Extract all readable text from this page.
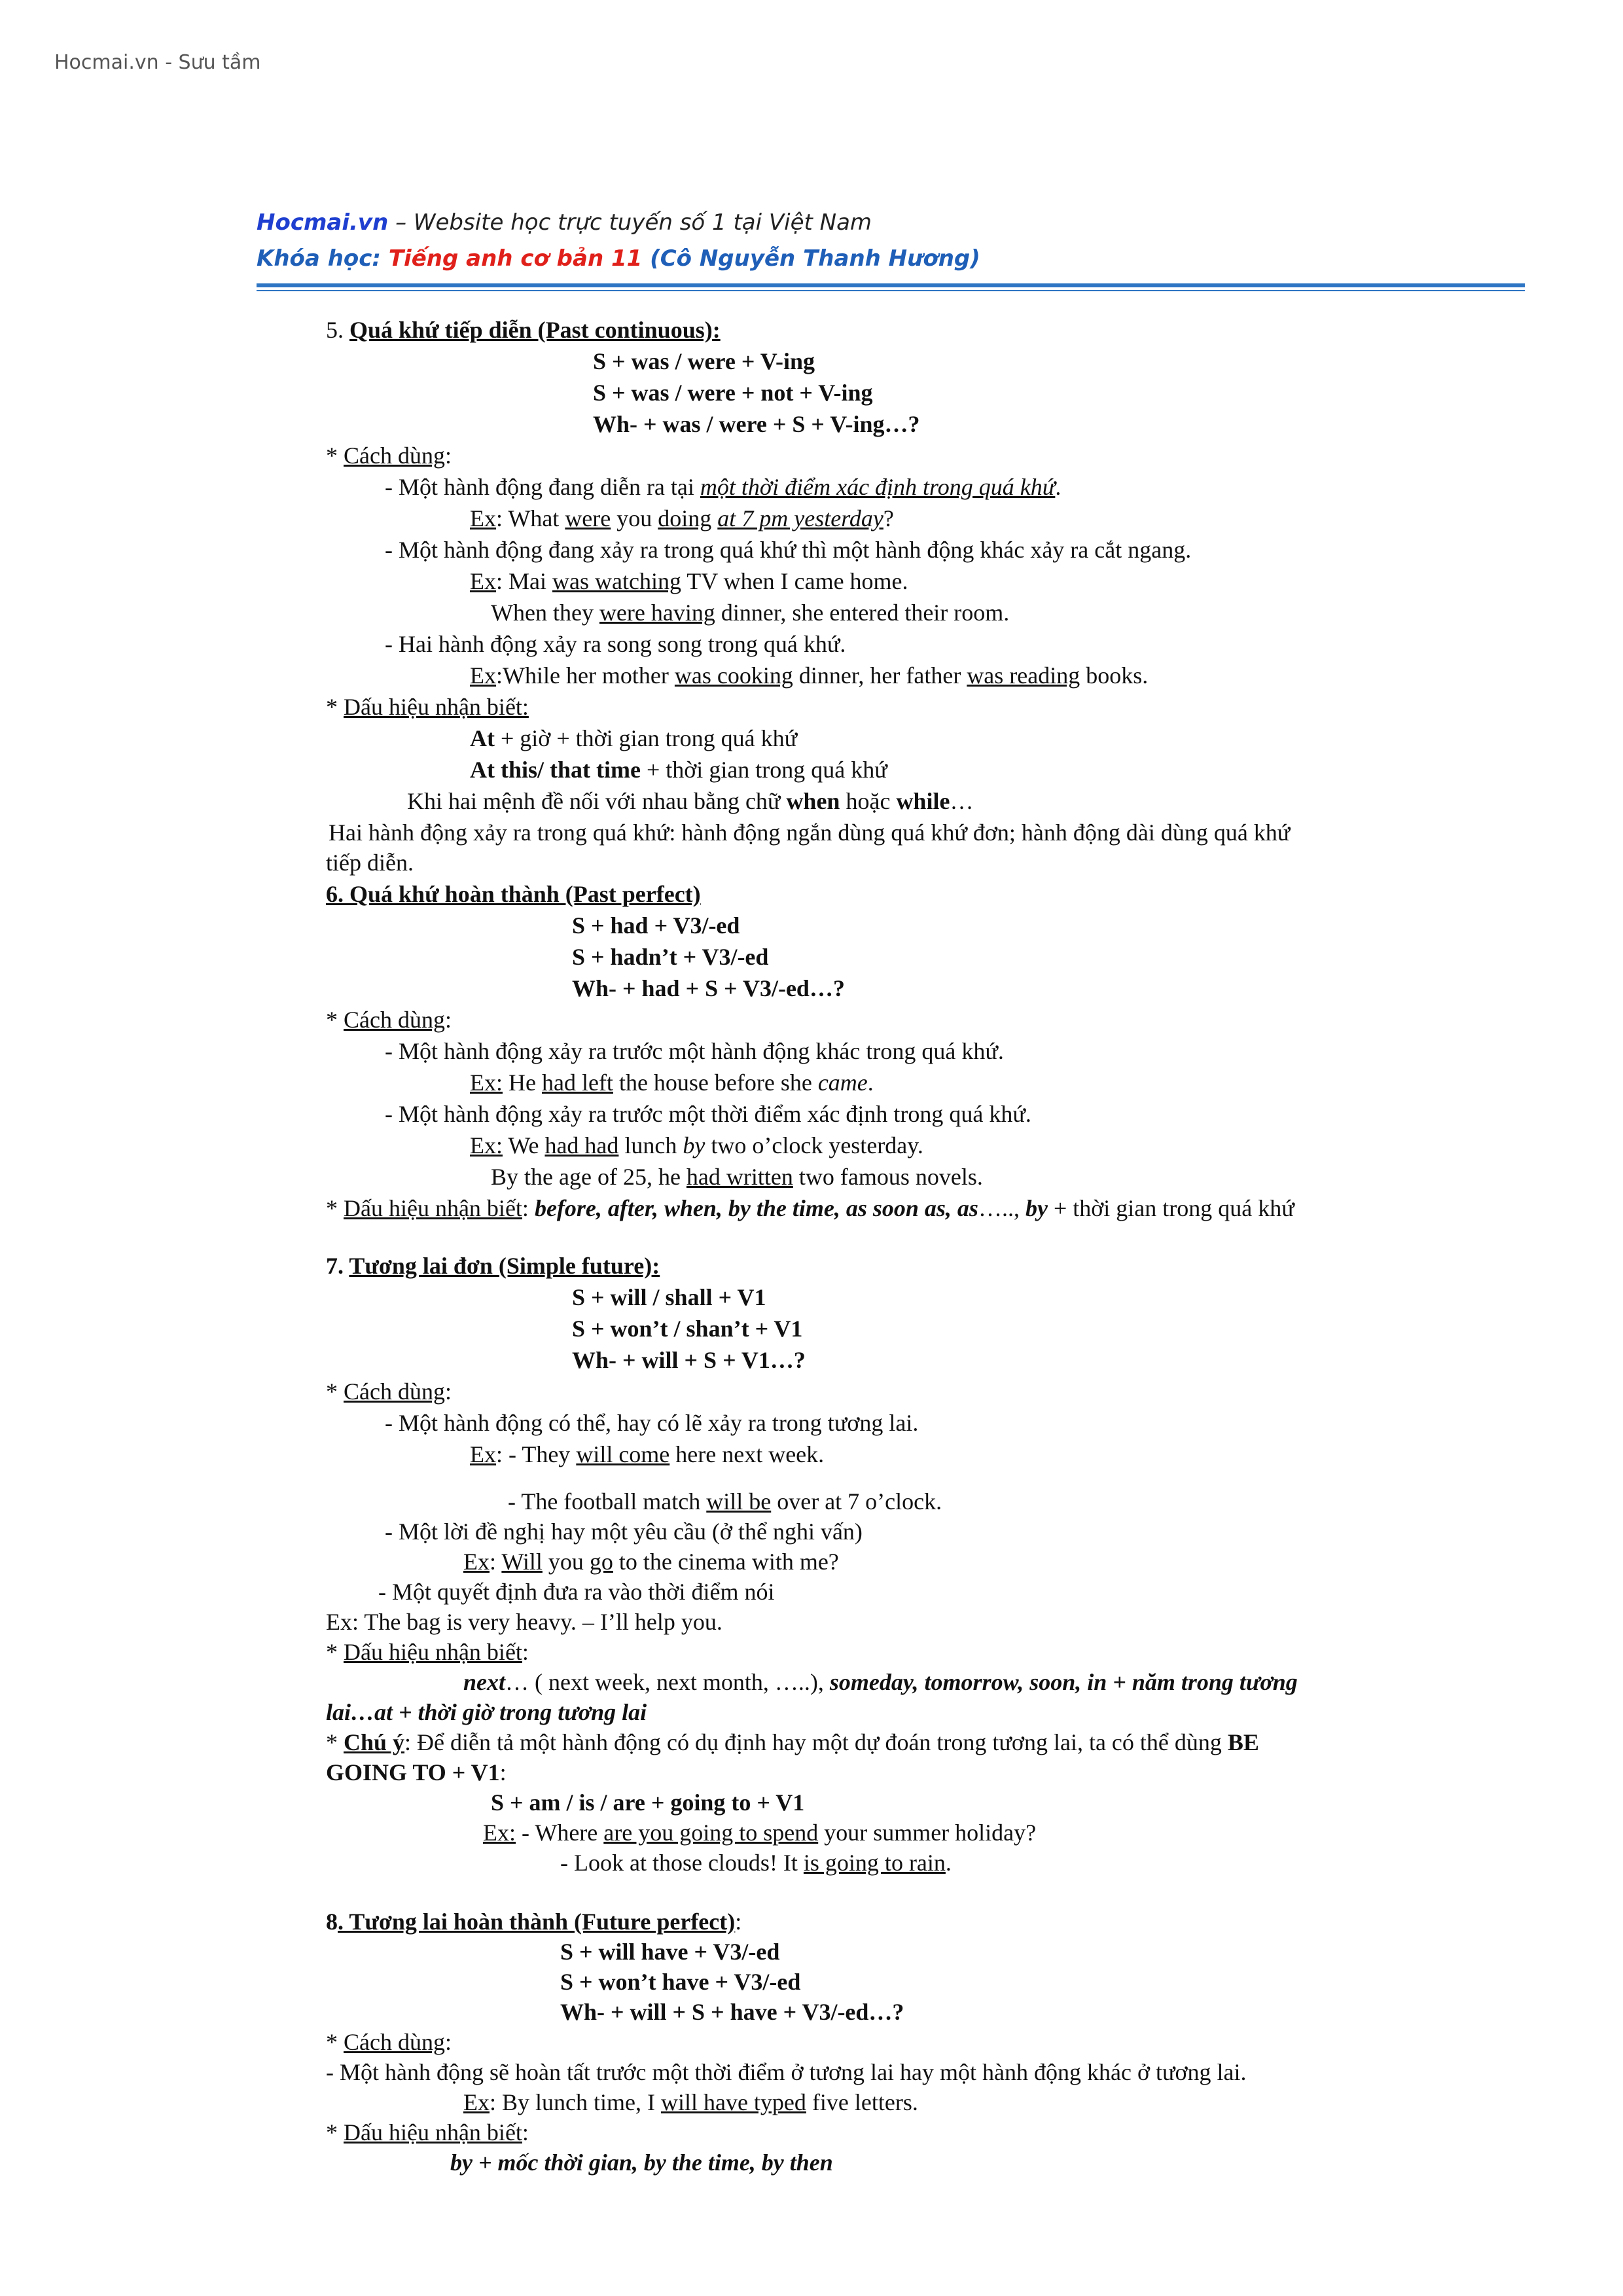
Hocmai.vn - Sưu tầm
Hocmai.vn – Website học trực tuyến số 1 tại Việt Nam
Khóa học: Tiếng anh cơ bản 11 (Cô Nguyễn Thanh Hương)
5. Quá khứ tiếp diễn (Past continuous):
S + was / were + V-ing
S + was / were + not + V-ing
Wh- + was / were + S + V-ing…?
* Cách dùng:
- Một hành động đang diễn ra tại một thời điểm xác định trong quá khứ.
Ex: What were you doing at 7 pm yesterday?
- Một hành động đang xảy ra trong quá khứ thì một hành động khác xảy ra cắt ngang.
Ex: Mai was watching TV when I came home.
When they were having dinner, she entered their room.
- Hai hành động xảy ra song song trong quá khứ.
Ex:While her mother was cooking dinner, her father was reading books.
* Dấu hiệu nhận biết:
At + giờ + thời gian trong quá khứ
At this/ that time + thời gian trong quá khứ
Khi hai mệnh đề nối với nhau bằng chữ when hoặc while…
Hai hành động xảy ra trong quá khứ: hành động ngắn dùng quá khứ đơn; hành động dài dùng quá khứ
tiếp diễn.
6. Quá khứ hoàn thành (Past perfect)
S + had + V3/-ed
S + hadn’t + V3/-ed
Wh- + had + S + V3/-ed…?
* Cách dùng:
- Một hành động xảy ra trước một hành động khác trong quá khứ.
Ex: He had left the house before she came.
- Một hành động xảy ra trước một thời điểm xác định trong quá khứ.
Ex: We had had lunch by two o’clock yesterday.
By the age of 25, he had written two famous novels.
* Dấu hiệu nhận biết: before, after, when, by the time, as soon as, as….., by + thời gian trong quá khứ
7. Tương lai đơn (Simple future):
S + will / shall + V1
S + won’t / shan’t + V1
Wh- + will + S + V1…?
* Cách dùng:
- Một hành động có thể, hay có lẽ xảy ra trong tương lai.
Ex: - They will come here next week.
- The football match will be over at 7 o’clock.
- Một lời đề nghị hay một yêu cầu (ở thể nghi vấn)
Ex: Will you go to the cinema with me?
- Một quyết định đưa ra vào thời điểm nói
Ex: The bag is very heavy. – I’ll help you.
* Dấu hiệu nhận biết:
next… ( next week, next month, …..), someday, tomorrow, soon, in + năm trong tương
lai…at + thời giờ trong tương lai
* Chú ý: Để diễn tả một hành động có dụ định hay một dự đoán trong tương lai, ta có thể dùng BE
GOING TO + V1:
S + am / is / are + going to + V1
Ex: - Where are you going to spend your summer holiday?
- Look at those clouds! It is going to rain.
8. Tương lai hoàn thành (Future perfect):
S + will have + V3/-ed
S + won’t have + V3/-ed
Wh- + will + S + have + V3/-ed…?
* Cách dùng:
- Một hành động sẽ hoàn tất trước một thời điểm ở tương lai hay một hành động khác ở tương lai.
Ex: By lunch time, I will have typed five letters.
* Dấu hiệu nhận biết:
by + mốc thời gian, by the time, by then
